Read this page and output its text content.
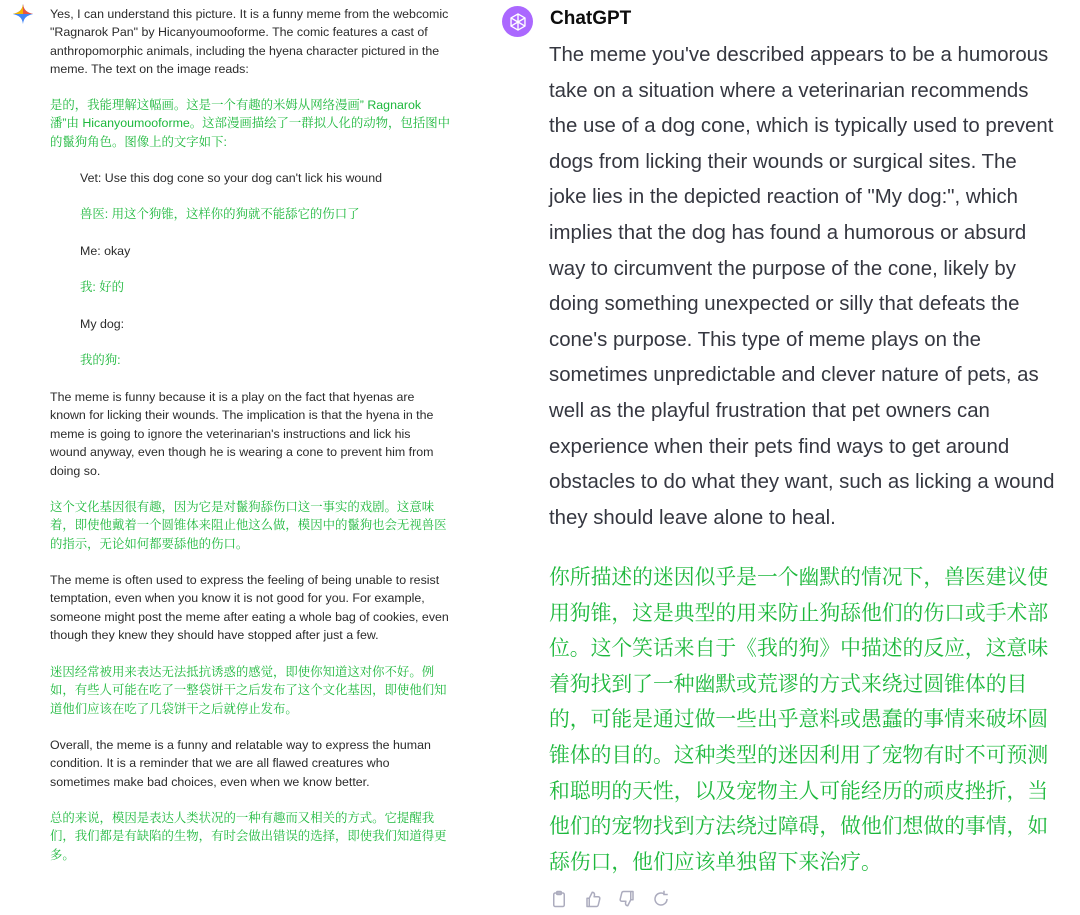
Yes, I can understand this picture. It is a funny meme from the webcomic "Ragnarok Pan" by Hicanyoumooforme. The comic features a cast of anthropomorphic animals, including the hyena character pictured in the meme. The text on the image reads:

是的，我能理解这幅画。这是一个有趣的米姆从网络漫画” Ragnarok 潘”由 Hicanyoumooforme。这部漫画描绘了一群拟人化的动物，包括图中的鬣狗角色。图像上的文字如下:

Vet: Use this dog cone so your dog can't lick his wound

兽医: 用这个狗锥，这样你的狗就不能舔它的伤口了

Me: okay

我: 好的

My dog:

我的狗:

The meme is funny because it is a play on the fact that hyenas are known for licking their wounds. The implication is that the hyena in the meme is going to ignore the veterinarian's instructions and lick his wound anyway, even though he is wearing a cone to prevent him from doing so.

这个文化基因很有趣，因为它是对鬣狗舔伤口这一事实的戏剧。这意味着，即使他戴着一个圆锥体来阻止他这么做，模因中的鬣狗也会无视兽医的指示，无论如何都要舔他的伤口。

The meme is often used to express the feeling of being unable to resist temptation, even when you know it is not good for you. For example, someone might post the meme after eating a whole bag of cookies, even though they knew they should have stopped after just a few.

迷因经常被用来表达无法抵抗诱惑的感觉，即使你知道这对你不好。例如，有些人可能在吃了一整袋饼干之后发布了这个文化基因，即使他们知道他们应该在吃了几袋饼干之后就停止发布。

Overall, the meme is a funny and relatable way to express the human condition. It is a reminder that we are all flawed creatures who sometimes make bad choices, even when we know better.

总的来说，模因是表达人类状况的一种有趣而又相关的方式。它提醒我们，我们都是有缺陷的生物，有时会做出错误的选择，即使我们知道得更多。

ChatGPT

The meme you've described appears to be a humorous take on a situation where a veterinarian recommends the use of a dog cone, which is typically used to prevent dogs from licking their wounds or surgical sites. The joke lies in the depicted reaction of "My dog:", which implies that the dog has found a humorous or absurd way to circumvent the purpose of the cone, likely by doing something unexpected or silly that defeats the cone's purpose. This type of meme plays on the sometimes unpredictable and clever nature of pets, as well as the playful frustration that pet owners can experience when their pets find ways to get around obstacles to do what they want, such as licking a wound they should leave alone to heal.

你所描述的迷因似乎是一个幽默的情况下，兽医建议使用狗锥，这是典型的用来防止狗舔他们的伤口或手术部位。这个笑话来自于《我的狗》中描述的反应，这意味着狗找到了一种幽默或荒谬的方式来绕过圆锥体的目的，可能是通过做一些出乎意料或愚蠢的事情来破坏圆锥体的目的。这种类型的迷因利用了宠物有时不可预测和聪明的天性，以及宠物主人可能经历的顽皮挫折，当他们的宠物找到方法绕过障碍，做他们想做的事情，如舔伤口，他们应该单独留下来治疗。
